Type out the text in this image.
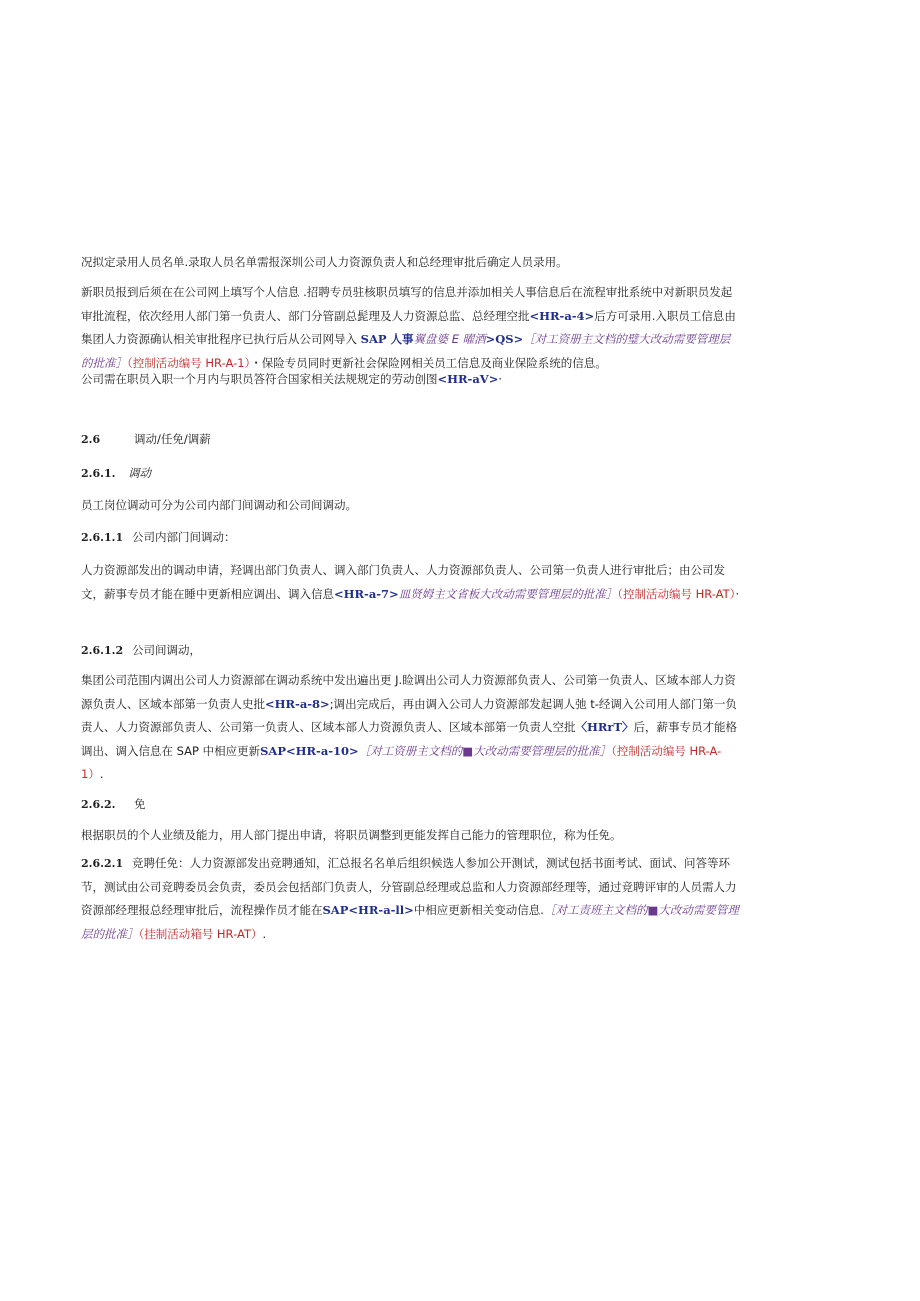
况拟定录用人员名单.录取人员名单需报深圳公司人力资源负责人和总经理审批后确定人员录用。

新职员报到后须在在公司网上填写个人信息 .招聘专员驻核职员填写的信息并添加相关人事信息后在流程审批系统中对新职员发起审批流程，依次经用人部门第一负责人、部门分管副总髭理及人力资源总监、总经理空批<HR-a-4>后方可录用.入职员工信息由集团人力资源确认相关审批程序已执行后从公司网导入 SAP 人事翼盘婆 E 曜酒>QS>［对工资册主文档的璧大改动需要管理层的批准］（控制活动编号 HR-A-1）・保险专员同时更新社会保险网相关员工信息及商业保险系统的信息。

公司需在职员入职一个月内与职员答符合国家相关法规规定的劳动创图<HR-aV>·

2.6	调动/任免/调薪
2.6.1. 调动

员工岗位调动可分为公司内部门间调动和公司间调动。

2.6.1.1 公司内部门间调动：

人力资源部发出的调动申请，羟调出部门负责人、调入部门负责人、人力资源部负责人、公司第一负责人进行审批后；由公司发文，薪事专员才能在睡中更新相应调出、调入信息<HR-a-7>皿贤姆主文省板大改动需要管理层的批准］（控制活动编号 HR-AT）·

2.6.1.2 公司间调动，

集团公司范围内调出公司人力资源部在调动系统中发出遍出更 J.睑调出公司人力资源部负责人、公司第一负责人、区域本部人力资源负责人、区域本部第一负责人史批<HR-a-8>;调出完成后，再由调入公司人力资源部发起调人弛 t-经调入公司用人部门第一负责人、人力资源部负责人、公司第一负责人、区域本部人力资源负责人、区域本部第一负责人空批〈HRrT〉后，薪事专员才能格调出、调入信息在 SAP 中相应更新SAP<HR-a-10>［对工资册主文档的■大改动需要管理层的批准］（控制活动编号 HR-A-1）.

2.6.2. 免

根据职员的个人业绩及能力，用人部门提出申请，将职员调整到更能发挥自己能力的管理职位，称为任免。

2.6.2.1 竞聘任免：人力资源部发出竞聘通知，汇总报名名单后组织候选人参加公开测试，测试包括书面考试、面试、问答等环节，测试由公司竞聘委员会负责，委员会包括部门负责人，分管副总经理或总监和人力资源部经理等，通过竞聘评审的人员需人力资源部经理报总经理审批后，流程操作员才能在SAP<HR-a-ll>中相应更新相关变动信息.［对工责班主文档的■大改动需要管理层的批准］（挂制活动箱号 HR-AT）.
